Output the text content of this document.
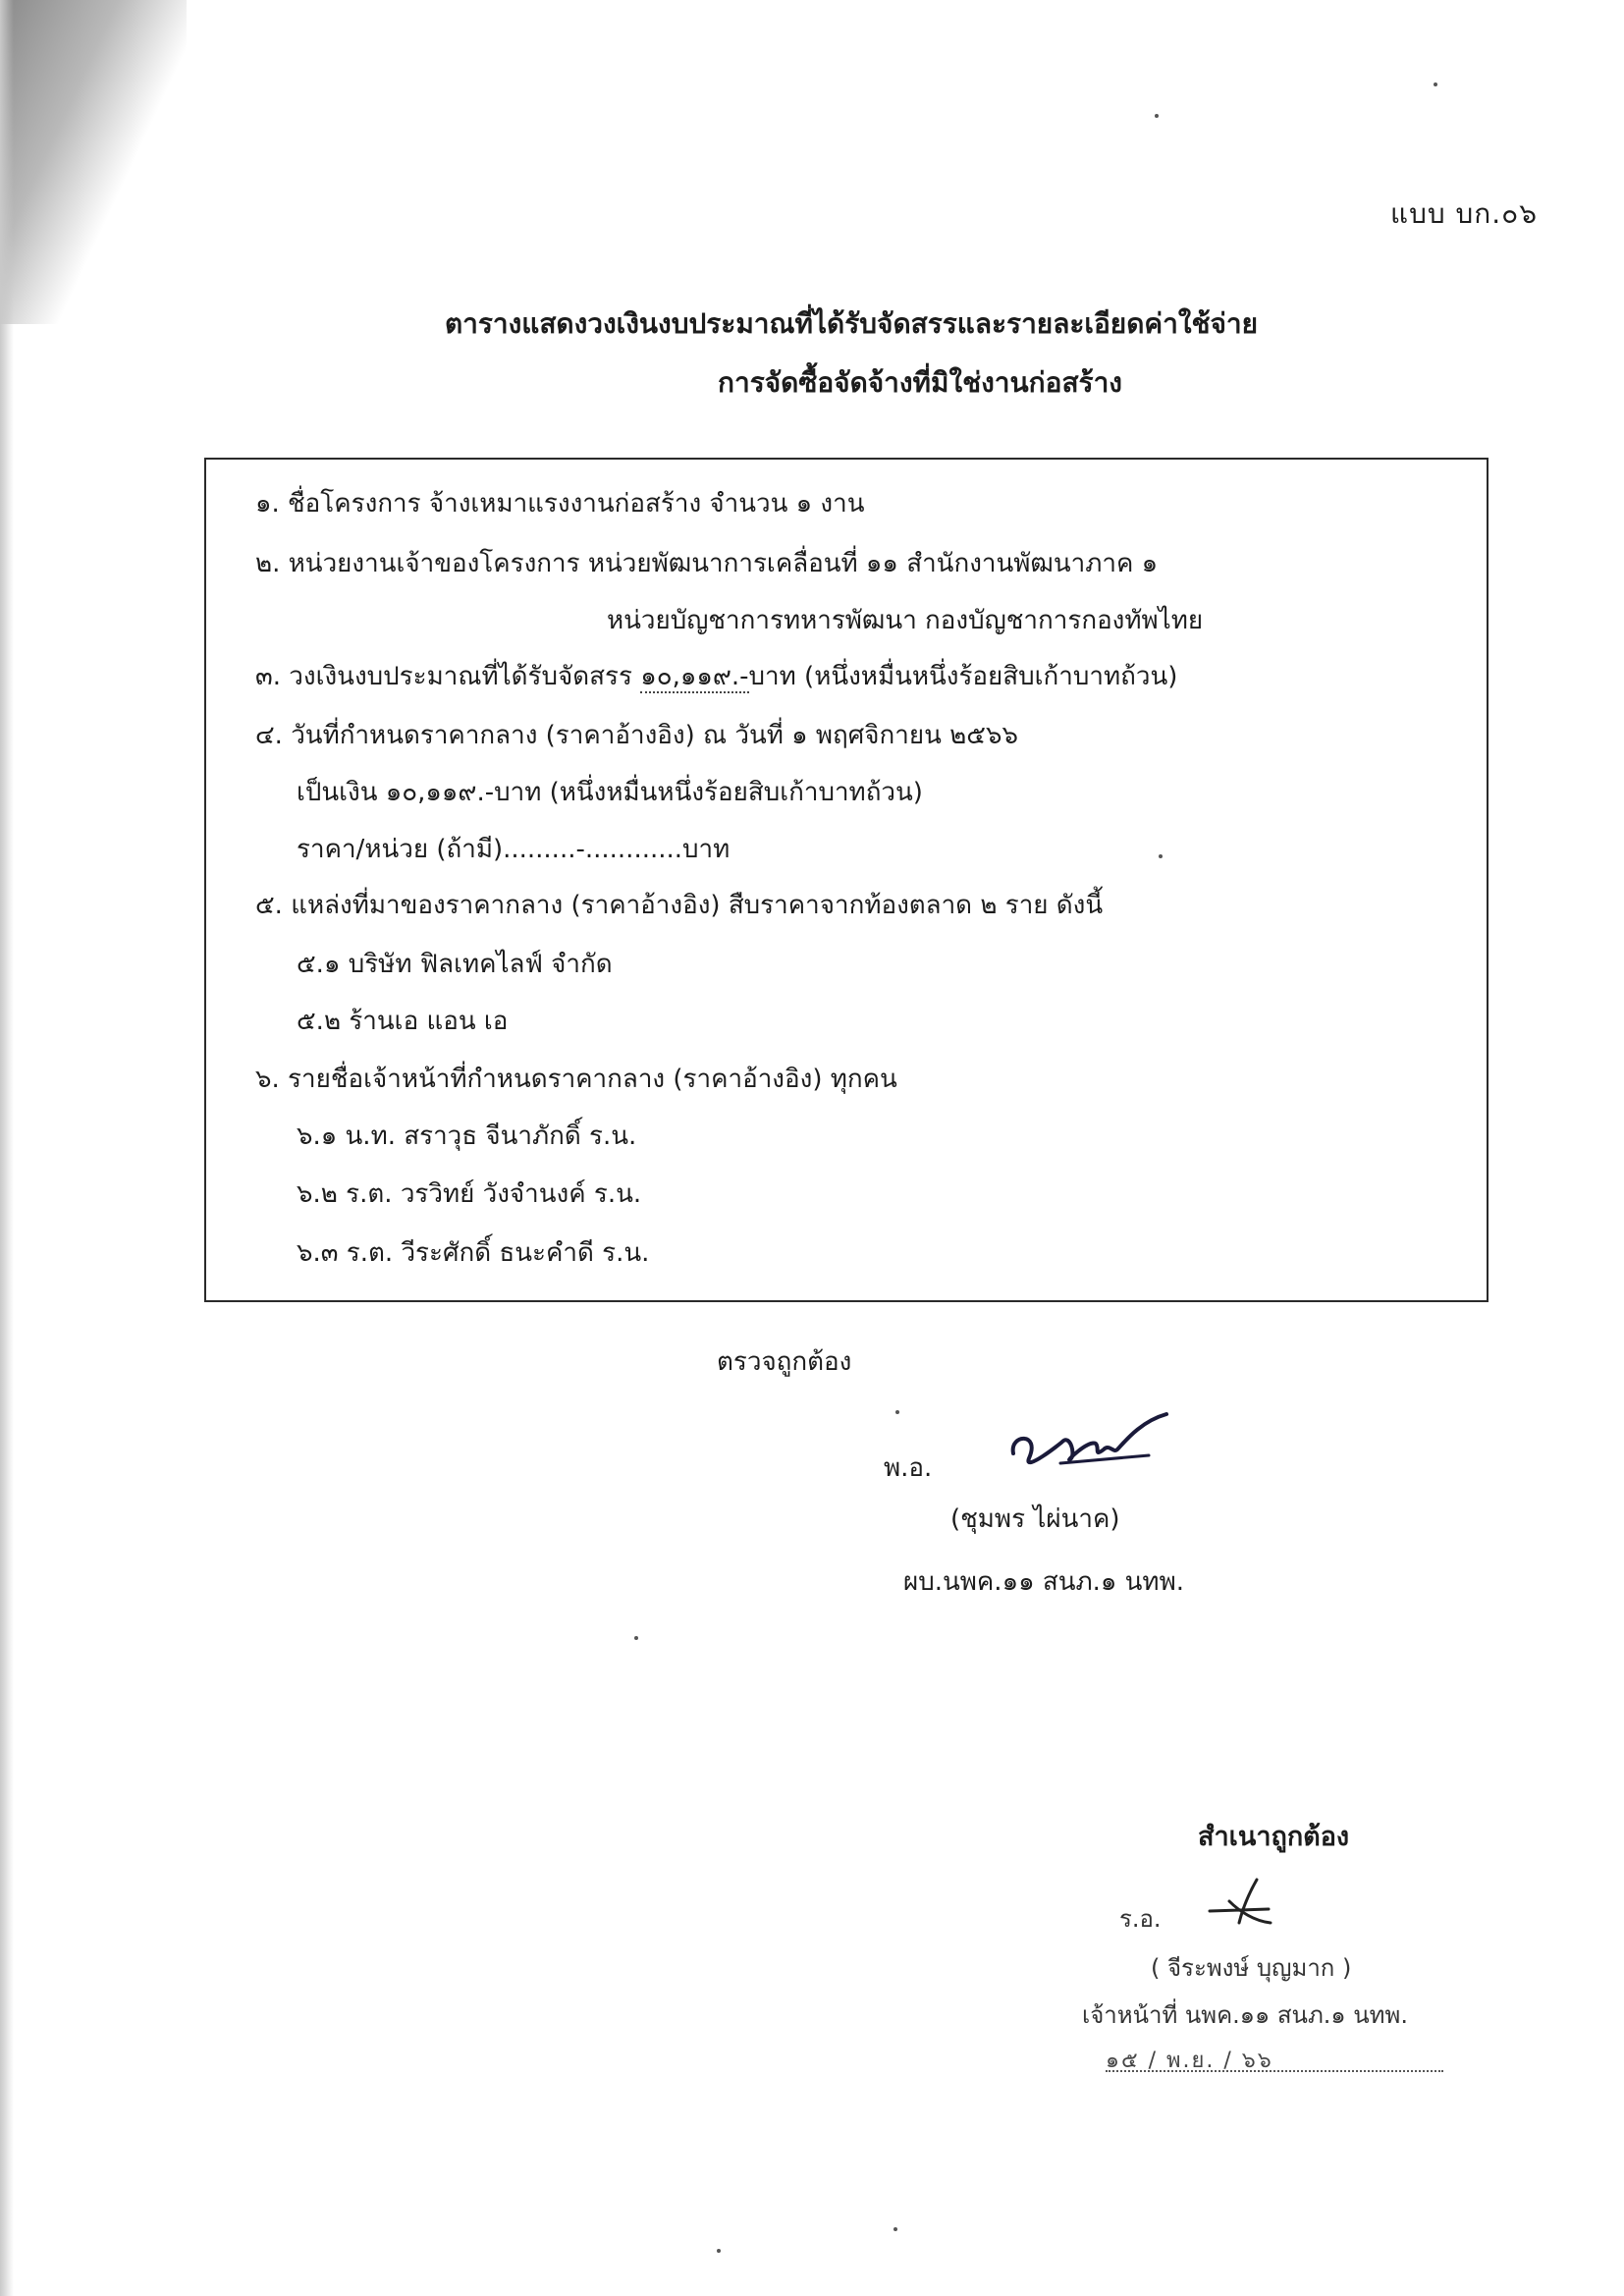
แบบ บก.๐๖
ตารางแสดงวงเงินงบประมาณที่ได้รับจัดสรรและรายละเอียดค่าใช้จ่าย
การจัดซื้อจัดจ้างที่มิใช่งานก่อสร้าง
๑. ชื่อโครงการ จ้างเหมาแรงงานก่อสร้าง จำนวน ๑ งาน
๒. หน่วยงานเจ้าของโครงการ หน่วยพัฒนาการเคลื่อนที่ ๑๑ สำนักงานพัฒนาภาค ๑
หน่วยบัญชาการทหารพัฒนา กองบัญชาการกองทัพไทย
๓. วงเงินงบประมาณที่ได้รับจัดสรร ๑๐,๑๑๙.-บาท (หนึ่งหมื่นหนึ่งร้อยสิบเก้าบาทถ้วน)
๔. วันที่กำหนดราคากลาง (ราคาอ้างอิง) ณ วันที่ ๑ พฤศจิกายน ๒๕๖๖
เป็นเงิน ๑๐,๑๑๙.-บาท (หนึ่งหมื่นหนึ่งร้อยสิบเก้าบาทถ้วน)
ราคา/หน่วย (ถ้ามี).........-............บาท
๕. แหล่งที่มาของราคากลาง (ราคาอ้างอิง) สืบราคาจากท้องตลาด ๒ ราย ดังนี้
๕.๑ บริษัท ฟิลเทคไลฟ์ จำกัด
๕.๒ ร้านเอ แอน เอ
๖. รายชื่อเจ้าหน้าที่กำหนดราคากลาง (ราคาอ้างอิง) ทุกคน
๖.๑ น.ท. สราวุธ จีนาภักดิ์ ร.น.
๖.๒ ร.ต. วรวิทย์ วังจำนงค์ ร.น.
๖.๓ ร.ต. วีระศักดิ์ ธนะคำดี ร.น.
ตรวจถูกต้อง
พ.อ.
(ชุมพร ไผ่นาค)
ผบ.นพค.๑๑ สนภ.๑ นทพ.
สำเนาถูกต้อง
ร.อ.
( จีระพงษ์ บุญมาก )
เจ้าหน้าที่ นพค.๑๑ สนภ.๑ นทพ.
๑๕ / พ.ย. / ๖๖
